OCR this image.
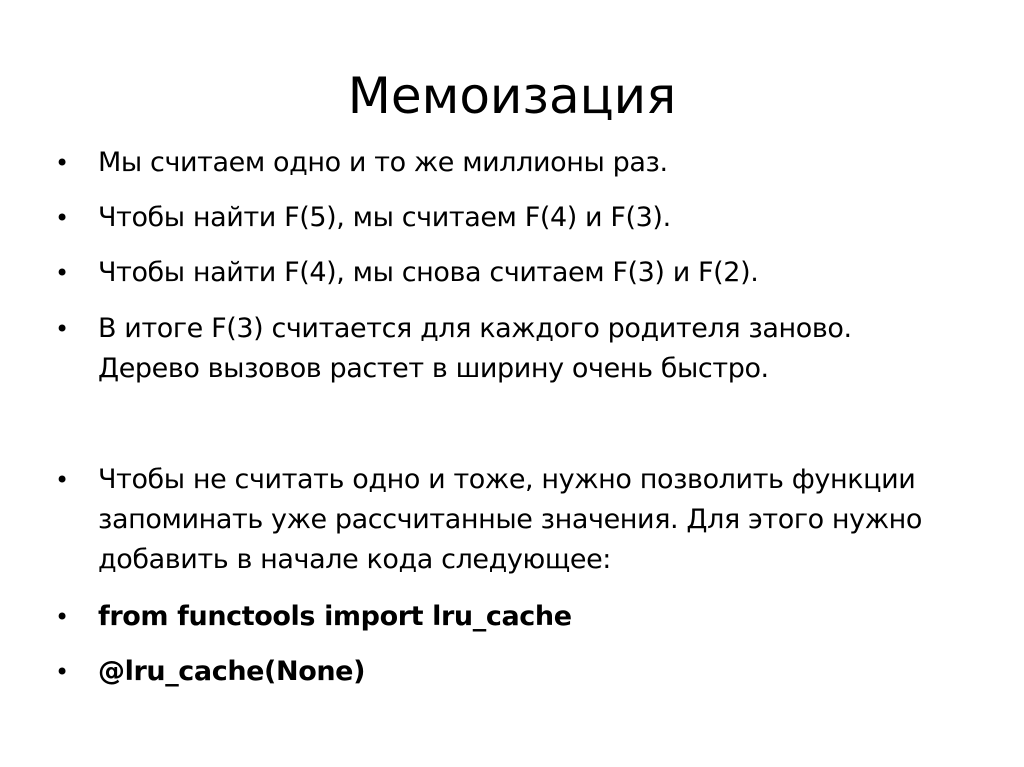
Мемоизация
•	Мы считаем одно и то же миллионы раз.
•	Чтобы найти F(5), мы считаем F(4) и F(3).
•	Чтобы найти F(4), мы снова считаем F(3) и F(2).
•	В итоге F(3) считается для каждого родителя заново.
Дерево вызовов растет в ширину очень быстро.
•	Чтобы не считать одно и тоже, нужно позволить функции
запоминать уже рассчитанные значения. Для этого нужно
добавить в начале кода следующее:
•	from functools import lru_cache
•	@lru_cache(None)
